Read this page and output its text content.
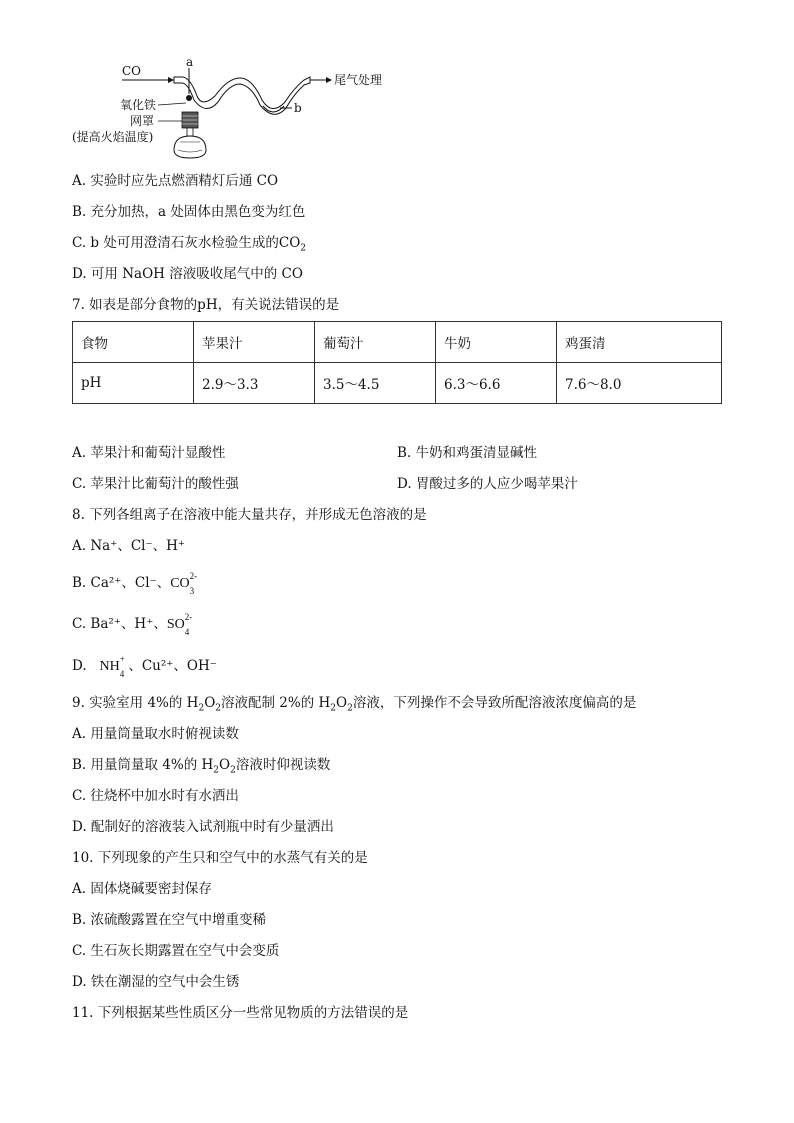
CO
尾气处理
a
b
氧化铁
网罩
(提高火焰温度)
A. 实验时应先点燃酒精灯后通 CO
B. 充分加热，a 处固体由黑色变为红色
C. b 处可用澄清石灰水检验生成的$CO_2$
D. 可用 NaOH 溶液吸收尾气中的 CO
7. 如表是部分食物的pH，有关说法错误的是
食物	苹果汁	葡萄汁	牛奶	鸡蛋清
pH	2.9～3.3	3.5～4.5	6.3～6.6	7.6～8.0
A. 苹果汁和葡萄汁显酸性	B. 牛奶和鸡蛋清显碱性
C. 苹果汁比葡萄汁的酸性强	D. 胃酸过多的人应少喝苹果汁
8. 下列各组离子在溶液中能大量共存，并形成无色溶液的是
A. Na⁺、Cl⁻、H⁺
B. Ca²⁺、Cl⁻、CO 2-
3
C. Ba²⁺、H⁺、SO 2-
4
D. NH +
4 、Cu²⁺、OH⁻
9. 实验室用 4%的 $H_2O_2$溶液配制 2%的 $H_2O_2$溶液，下列操作不会导致所配溶液浓度偏高的是
A. 用量筒量取水时俯视读数
B. 用量筒量取 4%的 $H_2O_2$溶液时仰视读数
C. 往烧杯中加水时有水洒出
D. 配制好的溶液装入试剂瓶中时有少量洒出
10. 下列现象的产生只和空气中的水蒸气有关的是
A. 固体烧碱要密封保存
B. 浓硫酸露置在空气中增重变稀
C. 生石灰长期露置在空气中会变质
D. 铁在潮湿的空气中会生锈
11. 下列根据某些性质区分一些常见物质的方法错误的是
